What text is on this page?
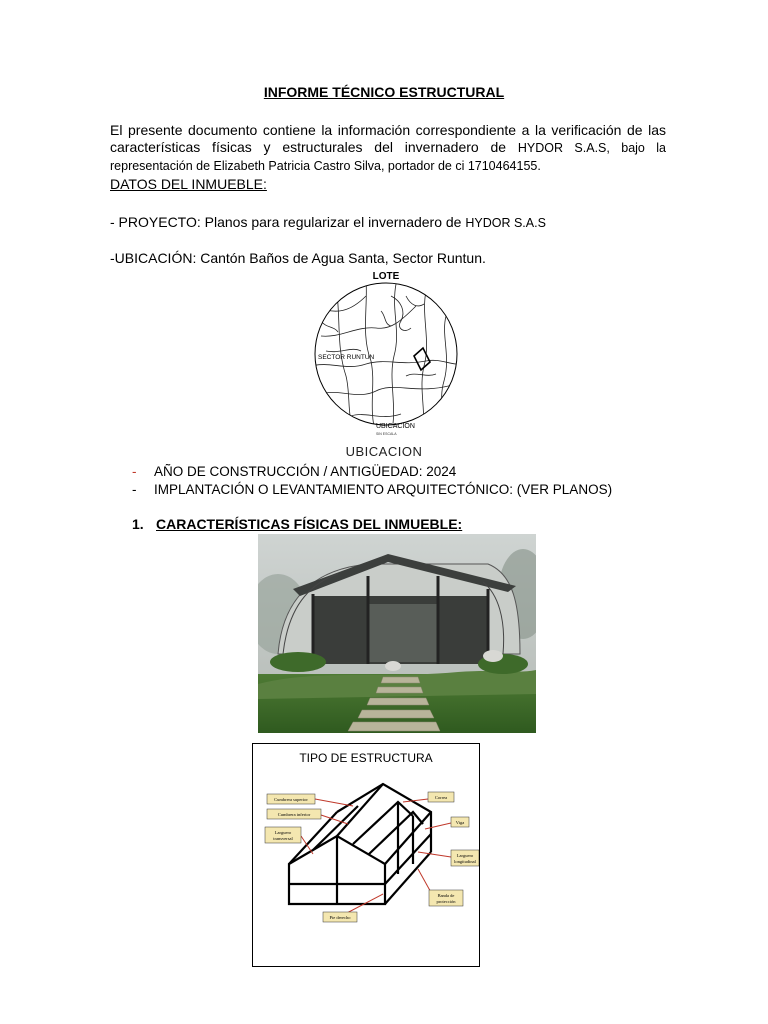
INFORME TÉCNICO ESTRUCTURAL
El presente documento contiene la información correspondiente a la verificación de las características físicas y estructurales del invernadero de HYDOR S.A.S, bajo la representación de Elizabeth Patricia Castro Silva, portador de ci 1710464155.
DATOS DEL INMUEBLE:
- PROYECTO: Planos para regularizar el invernadero de HYDOR S.A.S
-UBICACIÓN: Cantón Baños de Agua Santa, Sector Runtun.
LOTE
SECTOR RUNTUN
UBICACION
SIN ESCALA
UBICACION
- AÑO DE CONSTRUCCIÓN / ANTIGÜEDAD: 2024
- IMPLANTACIÓN O LEVANTAMIENTO ARQUITECTÓNICO: (VER PLANOS)
1. CARACTERÍSTICAS FÍSICAS DEL INMUEBLE:
TIPO DE ESTRUCTURA
Cumbrera superior
Cumbrera inferior
Larguero
transversal
Correa
Viga
Larguero
longitudinal
Banda de
protección
Pie derecho
